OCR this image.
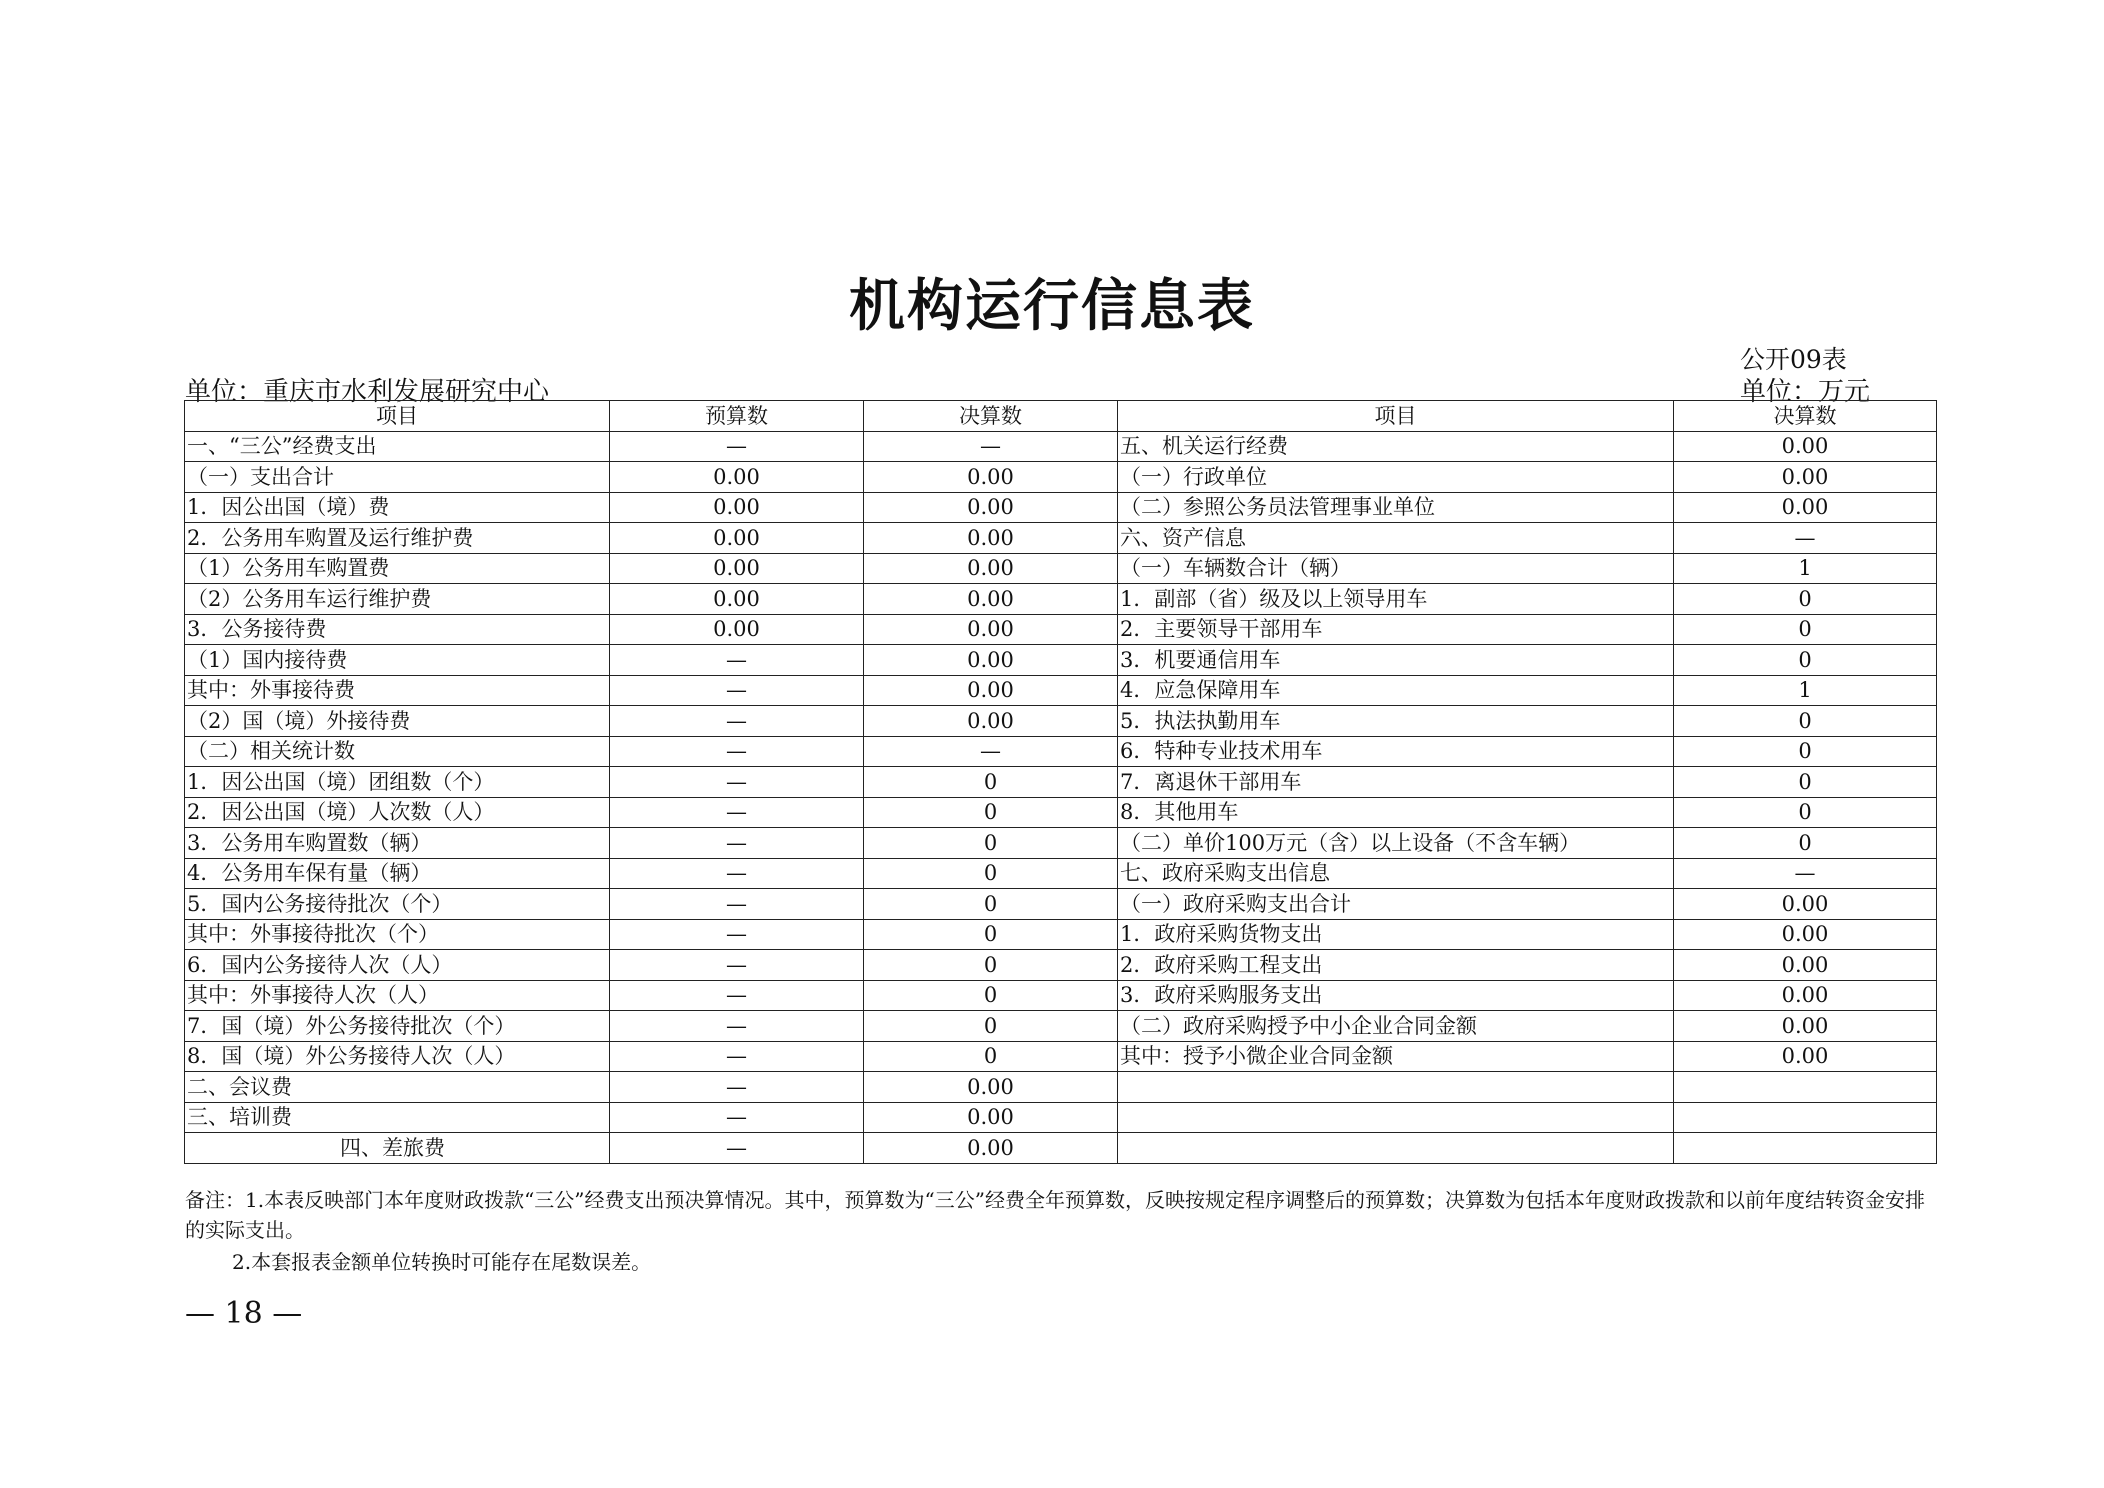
机构运行信息表
公开09表
单位：重庆市水利发展研究中心	单位：万元
项目	预算数	决算数	项目	决算数
一、“三公”经费支出	—	—	五、机关运行经费	0.00
（一）支出合计	0.00	0.00	（一）行政单位	0.00
1．因公出国（境）费	0.00	0.00	（二）参照公务员法管理事业单位	0.00
2．公务用车购置及运行维护费	0.00	0.00	六、资产信息	—
（1）公务用车购置费	0.00	0.00	（一）车辆数合计（辆）	1
（2）公务用车运行维护费	0.00	0.00	1．副部（省）级及以上领导用车	0
3．公务接待费	0.00	0.00	2．主要领导干部用车	0
（1）国内接待费	—	0.00	3．机要通信用车	0
其中：外事接待费	—	0.00	4．应急保障用车	1
（2）国（境）外接待费	—	0.00	5．执法执勤用车	0
（二）相关统计数	—	—	6．特种专业技术用车	0
1．因公出国（境）团组数（个）	—	0	7．离退休干部用车	0
2．因公出国（境）人次数（人）	—	0	8．其他用车	0
3．公务用车购置数（辆）	—	0	（二）单价100万元（含）以上设备（不含车辆）	0
4．公务用车保有量（辆）	—	0	七、政府采购支出信息	—
5．国内公务接待批次（个）	—	0	（一）政府采购支出合计	0.00
其中：外事接待批次（个）	—	0	1．政府采购货物支出	0.00
6．国内公务接待人次（人）	—	0	2．政府采购工程支出	0.00
其中：外事接待人次（人）	—	0	3．政府采购服务支出	0.00
7．国（境）外公务接待批次（个）	—	0	（二）政府采购授予中小企业合同金额	0.00
8．国（境）外公务接待人次（人）	—	0	其中：授予小微企业合同金额	0.00
二、会议费	—	0.00		
三、培训费	—	0.00		
四、差旅费	—	0.00		
备注：1.本表反映部门本年度财政拨款“三公”经费支出预决算情况。其中，预算数为“三公”经费全年预算数，反映按规定程序调整后的预算数；决算数为包括本年度财政拨款和以前年度结转资金安排的实际支出。
2.本套报表金额单位转换时可能存在尾数误差。
— 18 —
